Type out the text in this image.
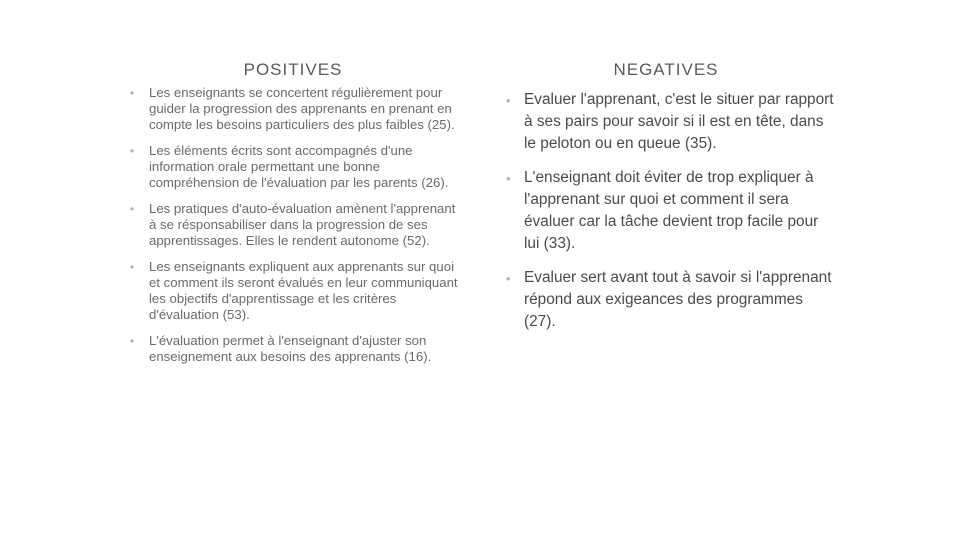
POSITIVES	NEGATIVES
•	Les enseignants se concertent régulièrement pour guider la progression des apprenants en prenant en compte les besoins particuliers des plus faibles (25).
•	Les éléments écrits sont accompagnés d'une information orale permettant une bonne compréhension de l'évaluation par les parents (26).
•	Les pratiques d'auto-évaluation amènent l'apprenant à se résponsabiliser dans la progression de ses apprentissages. Elles le rendent autonome (52).
•	Les enseignants expliquent aux apprenants sur quoi et comment ils seront évalués en leur communiquant les objectifs d'apprentissage et les critères d'évaluation (53).
•	L'évaluation permet à l'enseignant d'ajuster son enseignement aux besoins des apprenants (16).
• Evaluer l'apprenant, c'est le situer par rapport à ses pairs pour savoir si il est en tête, dans le peloton ou en queue (35).
• L'enseignant doit éviter de trop expliquer à l'apprenant sur quoi et comment il sera évaluer car la tâche devient trop facile pour lui (33).
• Evaluer sert avant tout à savoir si l'apprenant répond aux exigeances des programmes (27).
